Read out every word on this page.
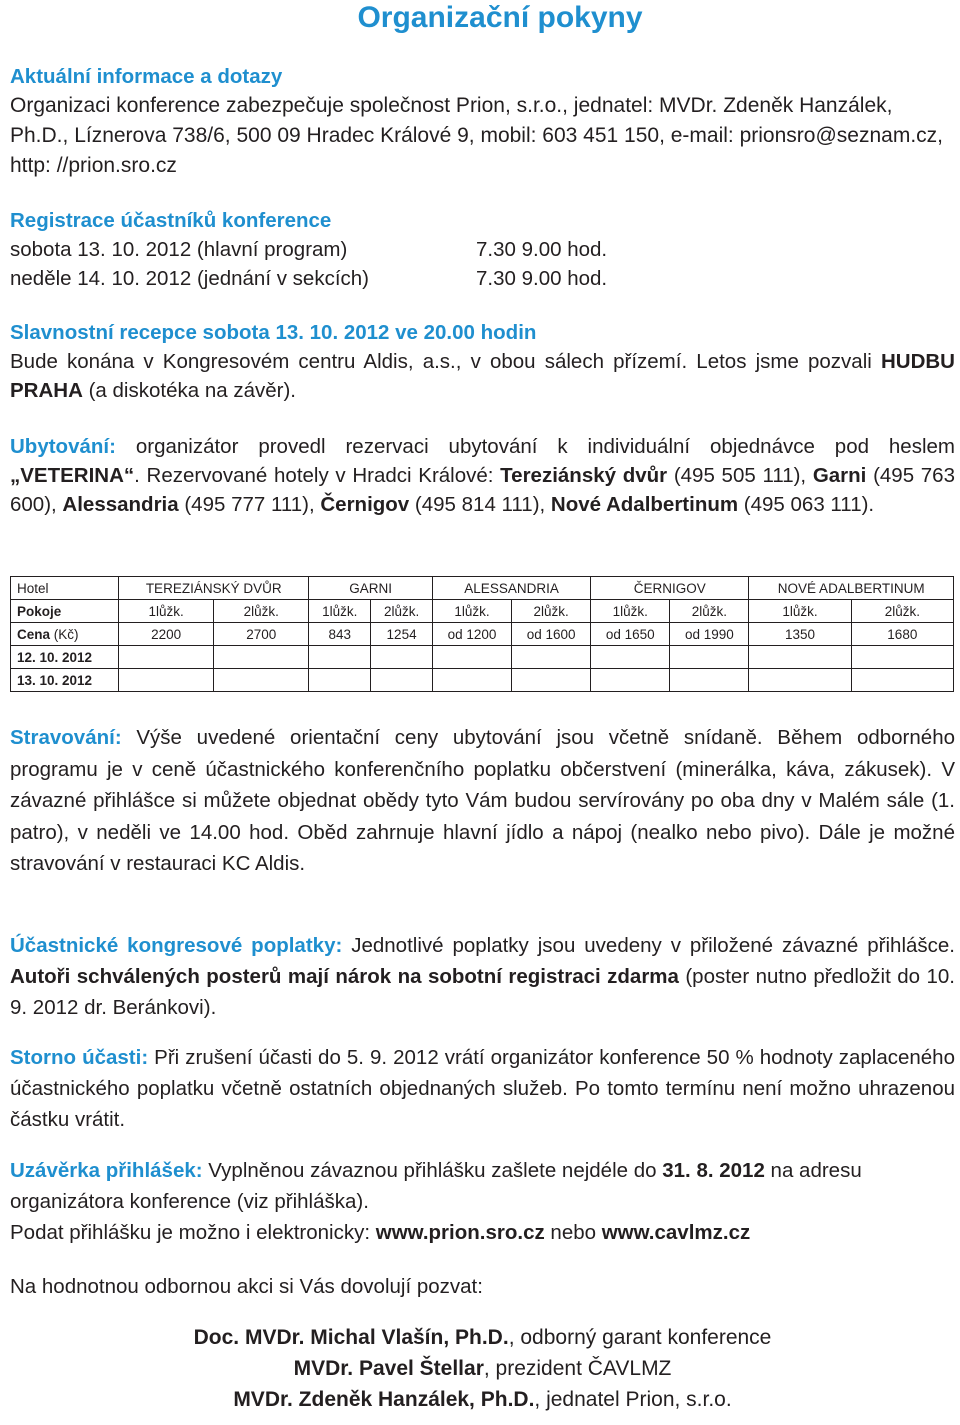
Organizační pokyny
Aktuální informace a dotazy

Organizaci konference zabezpečuje společnost Prion, s.r.o., jednatel: MVDr. Zdeněk Hanzálek, Ph.D., Líznerova 738/6, 500 09 Hradec Králové 9, mobil: 603 451 150, e-mail: prionsro@seznam.cz, http: //prion.sro.cz

Registrace účastníků konference
sobota 13. 10. 2012 (hlavní program)	7.30 9.00 hod.
neděle 14. 10. 2012 (jednání v sekcích)	7.30 9.00 hod.
Slavnostní recepce sobota 13. 10. 2012 ve 20.00 hodin

Bude konána v Kongresovém centru Aldis, a.s., v obou sálech přízemí. Letos jsme pozvali HUDBU PRAHA (a diskotéka na závěr).

Ubytování: organizátor provedl rezervaci ubytování k individuální objednávce pod heslem „VETERINA“. Rezervované hotely v Hradci Králové: Tereziánský dvůr (495 505 111), Garni (495 763 600), Alessandria (495 777 111), Černigov (495 814 111), Nové Adalbertinum (495 063 111).

Hotel	TEREZIÁNSKÝ DVŮR		GARNI		ALESSANDRIA		ČERNIGOV		NOVÉ ADALBERTINUM	
Pokoje	1lůžk.	2lůžk.	1lůžk.	2lůžk.	1lůžk.	2lůžk.	1lůžk.	2lůžk.	1lůžk.	2lůžk.
Cena (Kč)	2200	2700	843	1254	od 1200	od 1600	od 1650	od 1990	1350	1680
12. 10. 2012										
13. 10. 2012										

Stravování: Výše uvedené orientační ceny ubytování jsou včetně snídaně. Během odborného programu je v ceně účastnického konferenčního poplatku občerstvení (minerálka, káva, zákusek). V závazné přihlášce si můžete objednat obědy tyto Vám budou servírovány po oba dny v Malém sále (1. patro), v neděli ve 14.00 hod. Oběd zahrnuje hlavní jídlo a nápoj (nealko nebo pivo). Dále je možné stravování v restauraci KC Aldis.

Účastnické kongresové poplatky: Jednotlivé poplatky jsou uvedeny v přiložené závazné přihlášce. Autoři schválených posterů mají nárok na sobotní registraci zdarma (poster nutno předložit do 10. 9. 2012 dr. Beránkovi).

Storno účasti: Při zrušení účasti do 5. 9. 2012 vrátí organizátor konference 50 % hodnoty zaplaceného účastnického poplatku včetně ostatních objednaných služeb. Po tomto termínu není možno uhrazenou částku vrátit.

Uzávěrka přihlášek: Vyplněnou závaznou přihlášku zašlete nejdéle do 31. 8. 2012 na adresu organizátora konference (viz přihláška).

Podat přihlášku je možno i elektronicky: www.prion.sro.cz nebo www.cavlmz.cz

Na hodnotnou odbornou akci si Vás dovolují pozvat:

Doc. MVDr. Michal Vlašín, Ph.D., odborný garant konference

MVDr. Pavel Štellar, prezident ČAVLMZ

MVDr. Zdeněk Hanzálek, Ph.D., jednatel Prion, s.r.o.
